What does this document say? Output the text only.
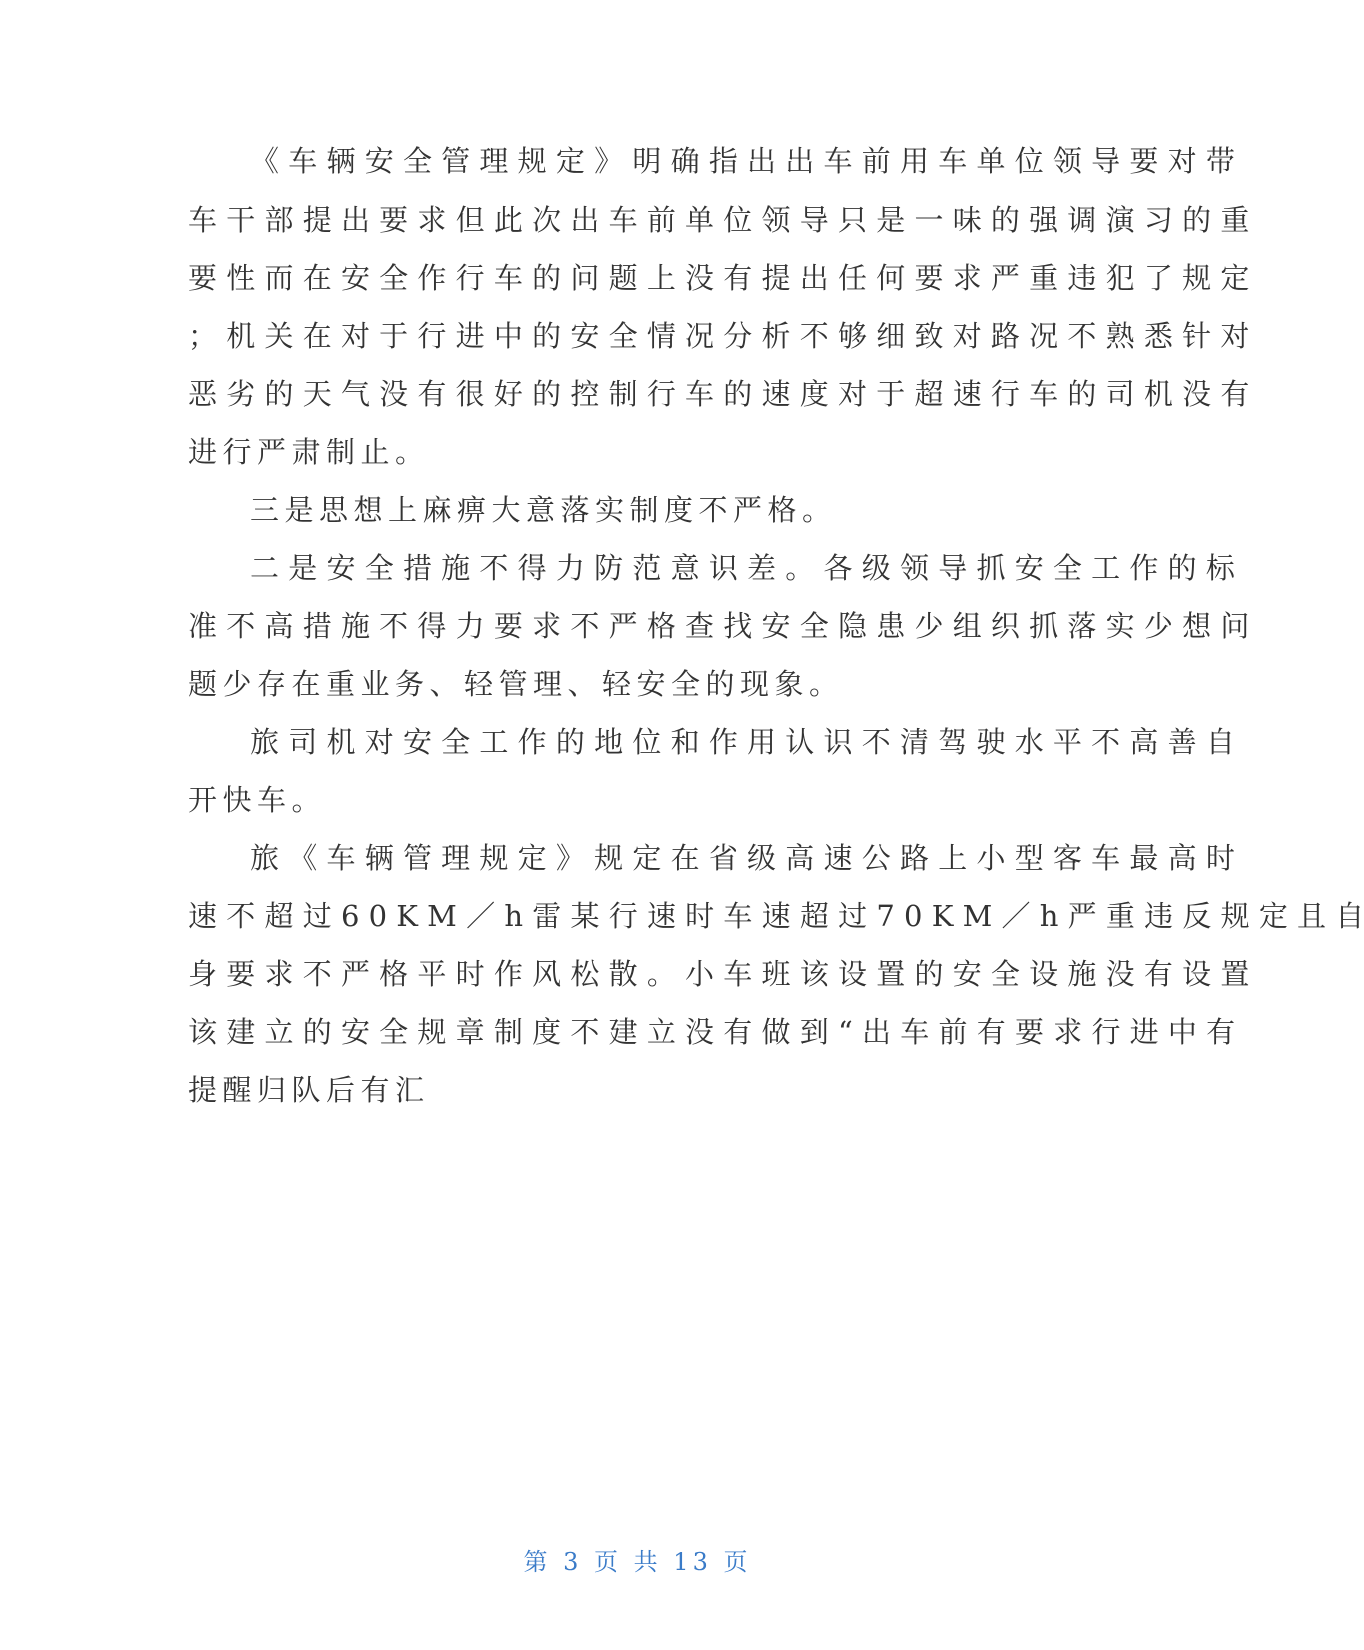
《​ 车​ 辆​ 安​ 全​ 管​ 理​ 规​ 定​ 》​ 明​ 确​ 指​ 出​ 出​ 车​ 前​ 用​ 车​ 单​ 位​ 领​ 导​ 要​ 对​ 带
车​ 干​ 部​ 提​ 出​ 要​ 求​ 但​ 此​ 次​ 出​ 车​ 前​ 单​ 位​ 领​ 导​ 只​ 是​ 一​ 味​ 的​ 强​ 调​ 演​ 习​ 的​ 重
要​ 性​ 而​ 在​ 安​ 全​ 作​ 行​ 车​ 的​ 问​ 题​ 上​ 没​ 有​ 提​ 出​ 任​ 何​ 要​ 求​ 严​ 重​ 违​ 犯​ 了​ 规​ 定
；​ 机​ 关​ 在​ 对​ 于​ 行​ 进​ 中​ 的​ 安​ 全​ 情​ 况​ 分​ 析​ 不​ 够​ 细​ 致​ 对​ 路​ 况​ 不​ 熟​ 悉​ 针​ 对
恶​ 劣​ 的​ 天​ 气​ 没​ 有​ 很​ 好​ 的​ 控​ 制​ 行​ 车​ 的​ 速​ 度​ 对​ 于​ 超​ 速​ 行​ 车​ 的​ 司​ 机​ 没​ 有
进行严肃制止。
三是思想上麻痹大意落实制度不严格。
二​ 是​ 安​ 全​ 措​ 施​ 不​ 得​ 力​ 防​ 范​ 意​ 识​ 差​ 。​ 各​ 级​ 领​ 导​ 抓​ 安​ 全​ 工​ 作​ 的​ 标
准​ 不​ 高​ 措​ 施​ 不​ 得​ 力​ 要​ 求​ 不​ 严​ 格​ 查​ 找​ 安​ 全​ 隐​ 患​ 少​ 组​ 织​ 抓​ 落​ 实​ 少​ 想​ 问
题少存在重业务、轻管理、轻安全的现象。
旅​ 司​ 机​ 对​ 安​ 全​ 工​ 作​ 的​ 地​ 位​ 和​ 作​ 用​ 认​ 识​ 不​ 清​ 驾​ 驶​ 水​ 平​ 不​ 高​ 善​ 自
开快车。
旅​ 《​ 车​ 辆​ 管​ 理​ 规​ 定​ 》​ 规​ 定​ 在​ 省​ 级​ 高​ 速​ 公​ 路​ 上​ 小​ 型​ 客​ 车​ 最​ 高​ 时
速​ 不​ 超​ 过​ 6​ 0​ K​ M​ ／​ h​ 雷​ 某​ 行​ 速​ 时​ 车​ 速​ 超​ 过​ 7​ 0​ K​ M​ ／​ h​ 严​ 重​ 违​ 反​ 规​ 定​ 且​ 自
身​ 要​ 求​ 不​ 严​ 格​ 平​ 时​ 作​ 风​ 松​ 散​ 。​ 小​ 车​ 班​ 该​ 设​ 置​ 的​ 安​ 全​ 设​ 施​ 没​ 有​ 设​ 置
该​ 建​ 立​ 的​ 安​ 全​ 规​ 章​ 制​ 度​ 不​ 建​ 立​ 没​ 有​ 做​ 到​ “​ 出​ 车​ 前​ 有​ 要​ 求​ 行​ 进​ 中​ 有
提醒归队后有汇
第 3 页 共 13 页
